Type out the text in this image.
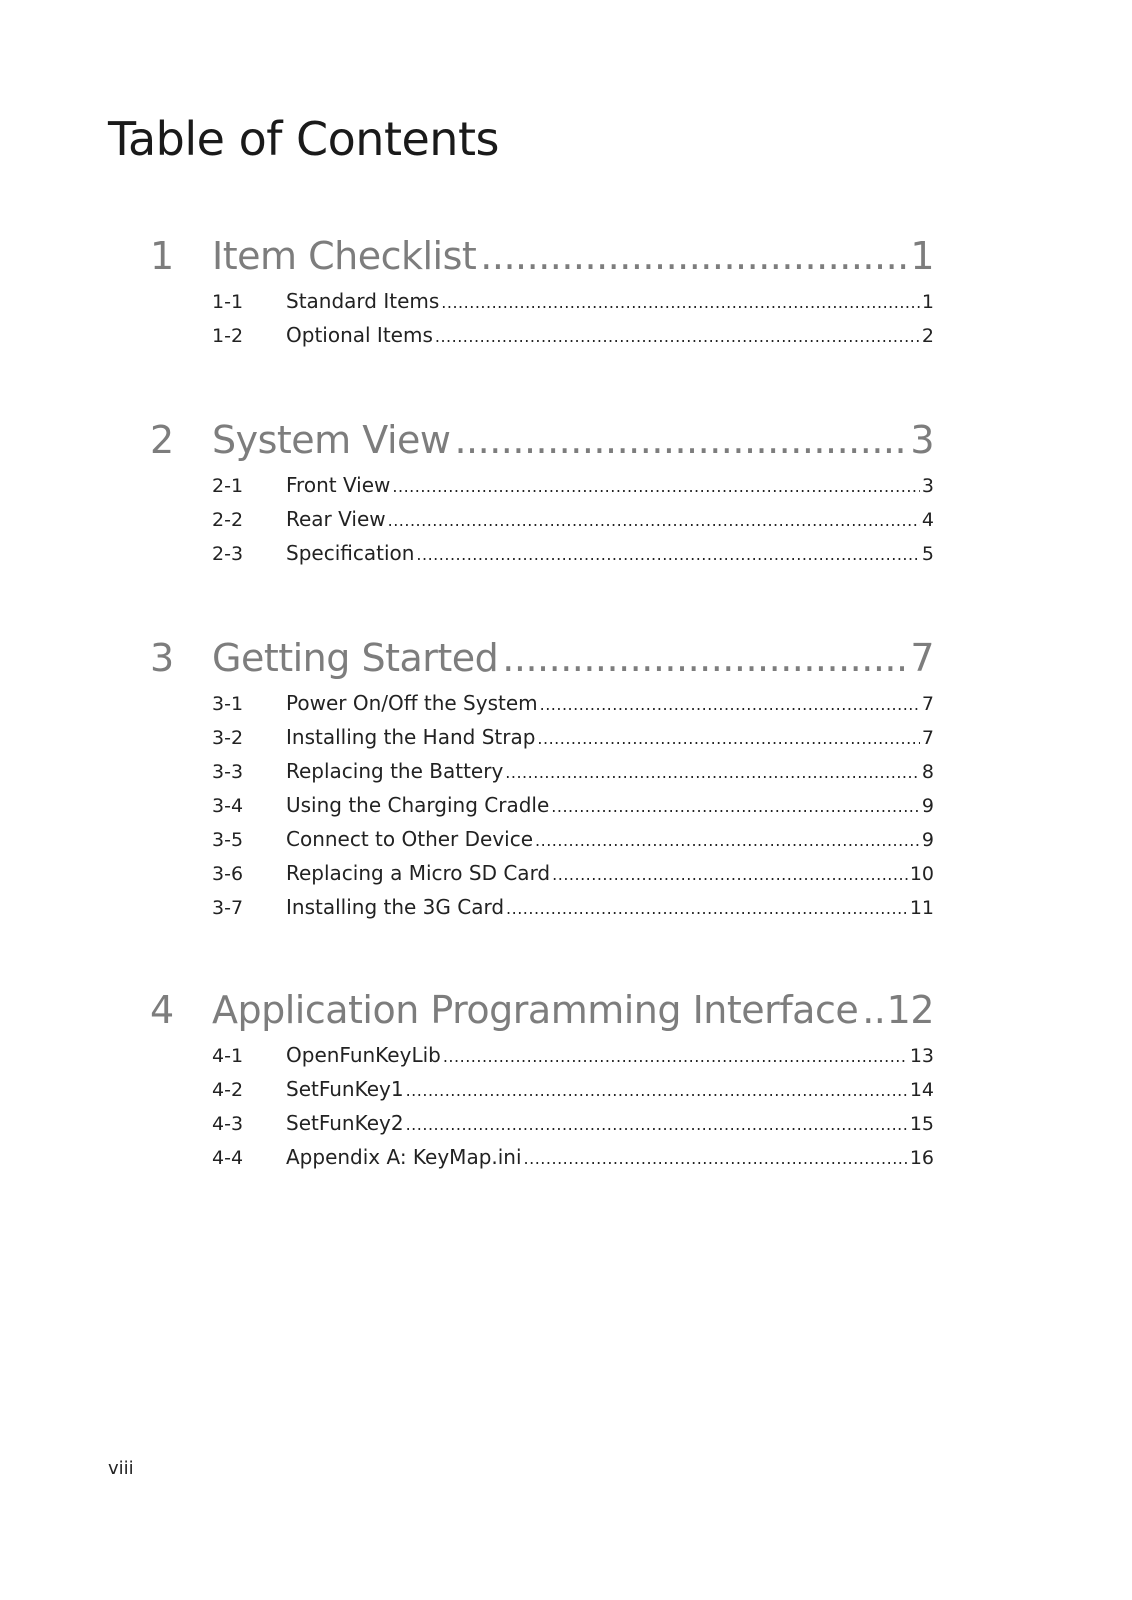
Table of Contents
1	Item Checklist .....	1
1-1	Standard Items .....	1
1-2	Optional Items .....	2
2	System View .....	3
2-1	Front View .....	3
2-2	Rear View .....	4
2-3	Specification .....	5
3	Getting Started .....	7
3-1	Power On/Off the System .....	7
3-2	Installing the Hand Strap .....	7
3-3	Replacing the Battery .....	8
3-4	Using the Charging Cradle .....	9
3-5	Connect to Other Device .....	9
3-6	Replacing a Micro SD Card .....	10
3-7	Installing the 3G Card .....	11
4	Application Programming Interface ..... 12
4-1	OpenFunKeyLib .....	13
4-2	SetFunKey1 .....	14
4-3	SetFunKey2 .....	15
4-4	Appendix A: KeyMap.ini .....	16
viii
